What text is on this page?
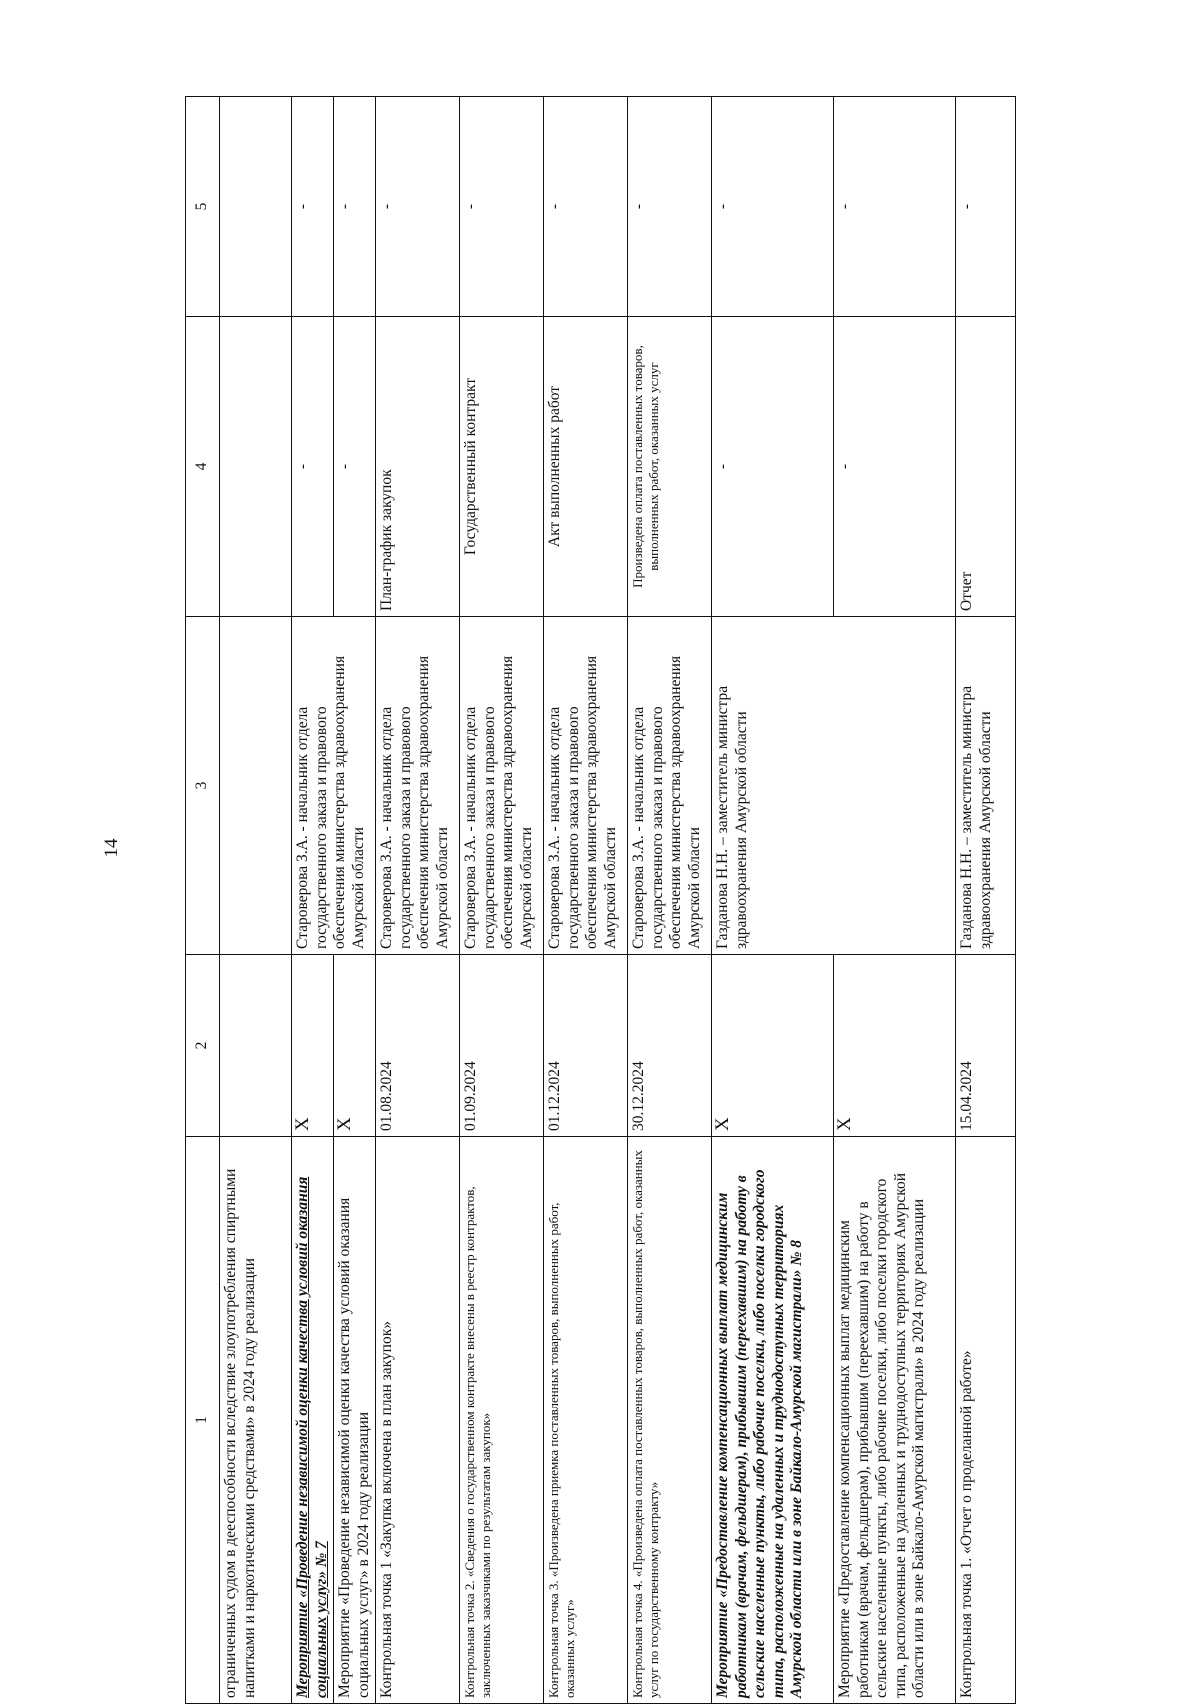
14
1	2	3	4	5
ограниченных судом в дееспособности вследствие злоупотребления спиртными напитками и наркотическими средствами» в 2024 году реализации				
Мероприятие «Проведение независимой оценки качества условий оказания социальных услуг» № 7	X	Староверова З.А. - начальник отдела государственного заказа и правового обеспечения министерства здравоохранения Амурской области	-	-
Мероприятие «Проведение независимой оценки качества условий оказания социальных услуг» в 2024 году реализации	X		-	-
Контрольная точка 1 «Закупка включена в план закупок»	01.08.2024	Староверова З.А. - начальник отдела государственного заказа и правового обеспечения министерства здравоохранения Амурской области	План-график закупок	-
Контрольная точка 2. «Сведения о государственном контракте внесены в реестр контрактов, заключенных заказчиками по результатам закупок»	01.09.2024	Староверова З.А. - начальник отдела государственного заказа и правового обеспечения министерства здравоохранения Амурской области	Государственный контракт	-
Контрольная точка 3. «Произведена приемка поставленных товаров, выполненных работ, оказанных услуг»	01.12.2024	Староверова З.А. - начальник отдела государственного заказа и правового обеспечения министерства здравоохранения Амурской области	Акт выполненных работ	-
Контрольная точка 4. «Произведена оплата поставленных товаров, выполненных работ, оказанных услуг по государственному контракту»	30.12.2024	Староверова З.А. - начальник отдела государственного заказа и правового обеспечения министерства здравоохранения Амурской области	Произведена оплата поставленных товаров, выполненных работ, оказанных услуг	-
Мероприятие «Предоставление компенсационных выплат медицинским работникам (врачам, фельдшерам), прибывшим (переехавшим) на работу в сельские населенные пункты, либо рабочие поселки, либо поселки городского типа, расположенные на удаленных и труднодоступных территориях Амурской области или в зоне Байкало-Амурской магистрали» № 8	X	Газданова Н.Н. – заместитель министра здравоохранения Амурской области	-	-
Мероприятие «Предоставление компенсационных выплат медицинским работникам (врачам, фельдшерам), прибывшим (переехавшим) на работу в сельские населенные пункты, либо рабочие поселки, либо поселки городского типа, расположенные на удаленных и труднодоступных территориях Амурской области или в зоне Байкало-Амурской магистрали» в 2024 году реализации	X		-	-
Контрольная точка 1. «Отчет о проделанной работе»	15.04.2024	Газданова Н.Н. – заместитель министра здравоохранения Амурской области	Отчет	-
